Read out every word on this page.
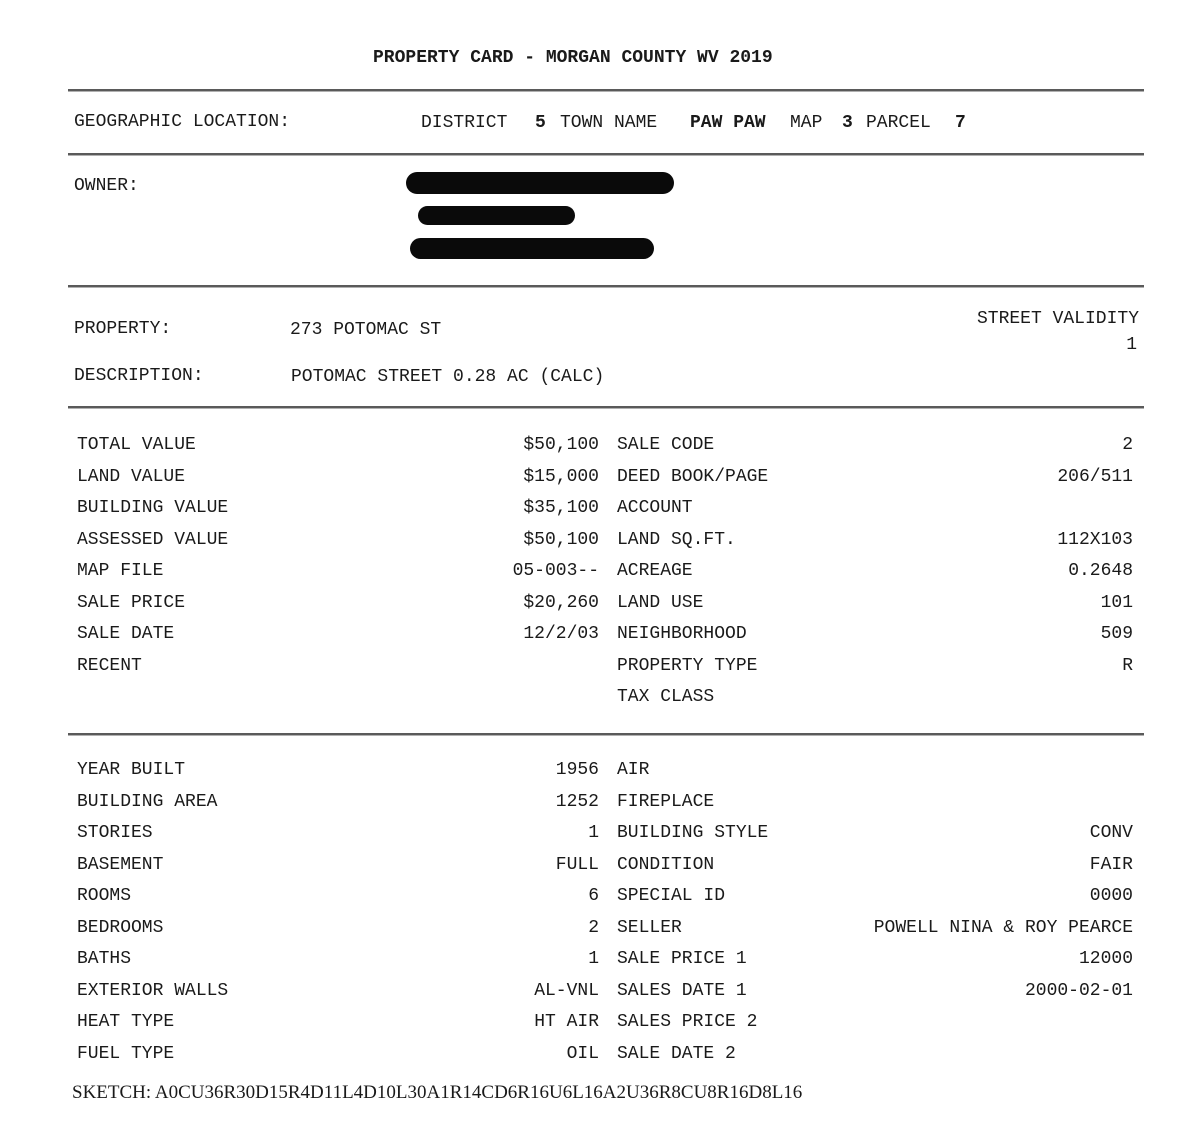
PROPERTY CARD - MORGAN COUNTY WV 2019
GEOGRAPHIC LOCATION:	DISTRICT 5 TOWN NAME PAW PAW MAP 3 PARCEL 7
OWNER:
PROPERTY:	273 POTOMAC ST
STREET VALIDITY
1
DESCRIPTION:	POTOMAC STREET 0.28 AC (CALC)
TOTAL VALUE	$50,100 SALE CODE	2
LAND VALUE	$15,000 DEED BOOK/PAGE	206/511
BUILDING VALUE	$35,100 ACCOUNT
ASSESSED VALUE	$50,100 LAND SQ.FT.	112X103
MAP FILE	05-003-- ACREAGE	0.2648
SALE PRICE	$20,260 LAND USE	101
SALE DATE	12/2/03 NEIGHBORHOOD	509
RECENT	PROPERTY TYPE	R
TAX CLASS
YEAR BUILT	1956 AIR
BUILDING AREA	1252 FIREPLACE
STORIES	1 BUILDING STYLE	CONV
BASEMENT	FULL CONDITION	FAIR
ROOMS	6 SPECIAL ID	0000
BEDROOMS	2 SELLER	POWELL NINA & ROY PEARCE
BATHS	1 SALE PRICE 1	12000
EXTERIOR WALLS	AL-VNL SALES DATE 1	2000-02-01
HEAT TYPE	HT AIR SALES PRICE 2
FUEL TYPE	OIL SALE DATE 2
SKETCH: A0CU36R30D15R4D11L4D10L30A1R14CD6R16U6L16A2U36R8CU8R16D8L16
